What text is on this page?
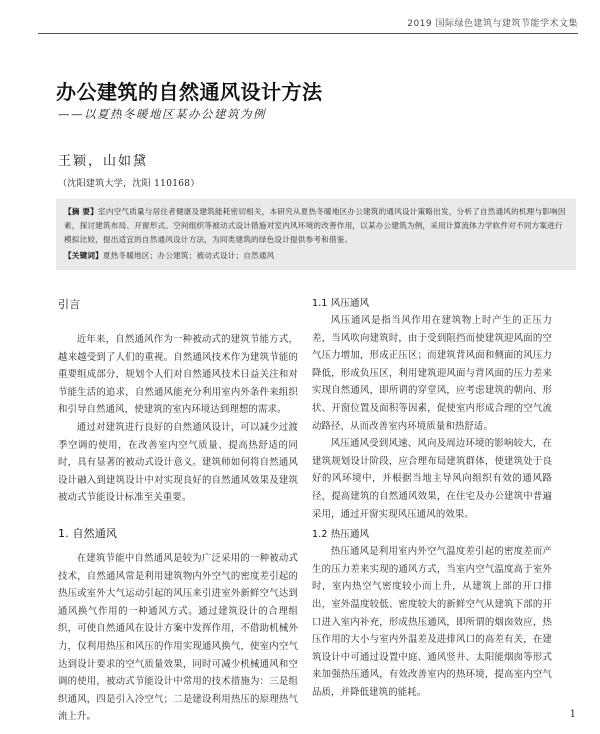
2019 国际绿色建筑与建筑节能学术文集
办公建筑的自然通风设计方法
——以夏热冬暖地区某办公建筑为例
王颖，山如黛
（沈阳建筑大学，沈阳 110168）
【摘 要】室内空气质量与居住者健康及建筑能耗密切相关，本研究从夏热冬暖地区办公建筑的通风设计策略出发，分析了自然通风的机理与影响因素，探讨建筑布局、开窗形式、空间组织等被动式设计措施对室内风环境的改善作用，以某办公建筑为例，采用计算流体力学软件对不同方案进行模拟比较，提出适宜的自然通风设计方法，为同类建筑的绿色设计提供参考和借鉴。
【关键词】夏热冬暖地区；办公建筑；被动式设计；自然通风
引言

近年来，自然通风作为一种被动式的建筑节能方式，越来越受到了人们的重视。自然通风技术作为建筑节能的重要组成部分，规划个人们对自然通风技术日益关注和对节能生活的追求，自然通风能充分利用室内外条件来组织和引导自然通风，使建筑的室内环境达到理想的需求。

通过对建筑进行良好的自然通风设计，可以减少过渡季空调的使用，在改善室内空气质量、提高热舒适的同时，具有显著的被动式设计意义。建筑师如何将自然通风设计融入到建筑设计中对实现良好的自然通风效果及建筑被动式节能设计标准至关重要。

1. 自然通风

在建筑节能中自然通风是较为广泛采用的一种被动式技术，自然通风常是利用建筑物内外空气的密度差引起的热压或室外大气运动引起的风压来引进室外新鲜空气达到通风换气作用的一种通风方式。通过建筑设计的合理组织，可使自然通风在设计方案中发挥作用，不借助机械外力，仅利用热压和风压的作用实现通风换气，使室内空气达到设计要求的空气质量效果，同时可减少机械通风和空调的使用，被动式节能设计中常用的技术措施为：三是组织通风，四是引入冷空气；二是建设利用热压的原理热气流上升。

1.1 风压通风

风压通风是指当风作用在建筑物上时产生的正压力差，当风吹向建筑时，由于受到阻挡而使建筑迎风面的空气压力增加，形成正压区；而建筑背风面和侧面的风压力降低，形成负压区，利用建筑迎风面与背风面的压力差来实现自然通风，即所谓的穿堂风，应考虑建筑的朝向、形状、开窗位置及面积等因素，促使室内形成合理的空气流动路径，从而改善室内环境质量和热舒适。

风压通风受到风速、风向及周边环境的影响较大，在建筑规划设计阶段，应合理布局建筑群体，使建筑处于良好的风环境中，并根据当地主导风向组织有效的通风路径，提高建筑的自然通风效果，在住宅及办公建筑中普遍采用，通过开窗实现风压通风的效果。

1.2 热压通风

热压通风是利用室内外空气温度差引起的密度差而产生的压力差来实现的通风方式，当室内空气温度高于室外时，室内热空气密度较小而上升，从建筑上部的开口排出，室外温度较低、密度较大的新鲜空气从建筑下部的开口进入室内补充，形成热压通风，即所谓的烟囱效应，热压作用的大小与室内外温差及进排风口的高差有关，在建筑设计中可通过设置中庭、通风竖井、太阳能烟囱等形式来加强热压通风，有效改善室内的热环境，提高室内空气品质，并降低建筑的能耗。

1
